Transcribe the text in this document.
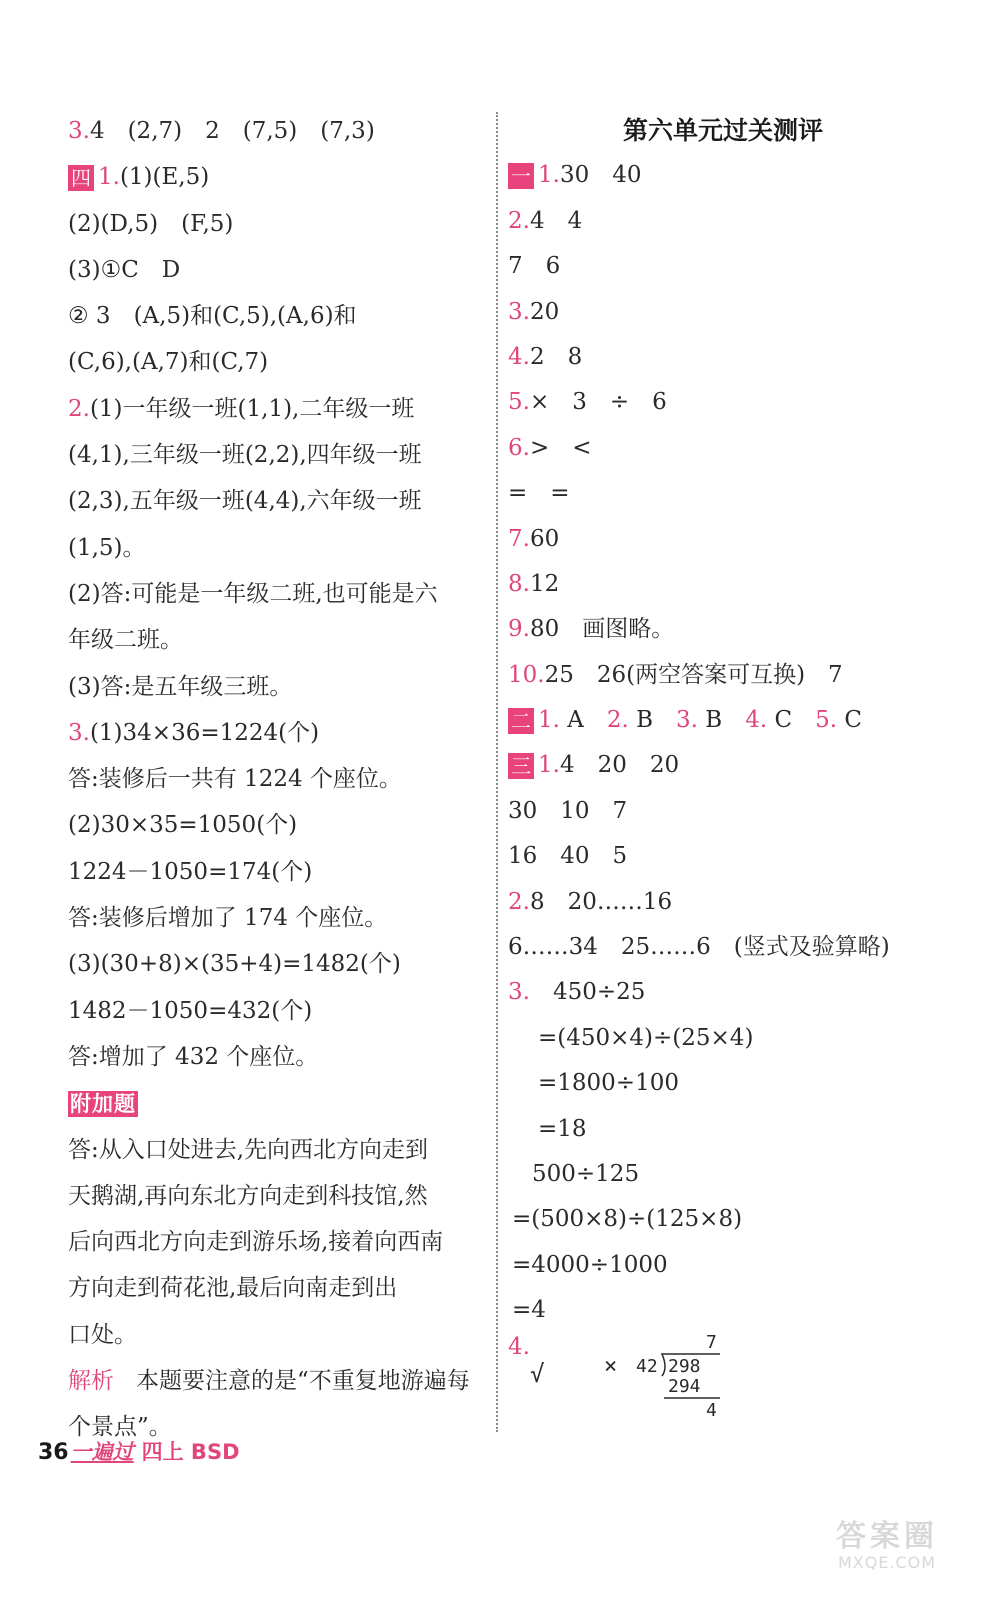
3.4　(2,7)　2　(7,5)　(7,3)
四 1.(1)(E,5)
(2)(D,5)　(F,5)
(3)①C　D
② 3　(A,5)和(C,5),(A,6)和
(C,6),(A,7)和(C,7)
2.(1)一年级一班(1,1),二年级一班
(4,1),三年级一班(2,2),四年级一班
(2,3),五年级一班(4,4),六年级一班
(1,5)。
(2)答:可能是一年级二班,也可能是六
年级二班。
(3)答:是五年级三班。
3.(1)34×36=1224(个)
答:装修后一共有 1224 个座位。
(2)30×35=1050(个)
1224－1050=174(个)
答:装修后增加了 174 个座位。
(3)(30+8)×(35+4)=1482(个)
1482－1050=432(个)
答:增加了 432 个座位。
附加题
答:从入口处进去,先向西北方向走到
天鹅湖,再向东北方向走到科技馆,然
后向西北方向走到游乐场,接着向西南
方向走到荷花池,最后向南走到出
口处。
解析 本题要注意的是“不重复地游遍每
个景点”。
第六单元过关测评
一 1.30　40
2.4　4
7　6
3.20
4.2　8
5.×　3　÷　6
6.>　<
=　=
7.60
8.12
9.80　画图略。
10.25　26(两空答案可互换)　7
二 1. A　2. B　3. B　4. C　5. C
三 1.4　20　20
30　10　7
16　40　5
2.8　20……16
6……34　25……6　(竖式及验算略)
3.　450÷25
=(450×4)÷(25×4)
=1800÷100
=18
500÷125
=(500×8)÷(125×8)
=4000÷1000
=4
4.
√	×
7
42 298
294
4
36一遍过 四上 BSD
答案圈
MXQE.COM
